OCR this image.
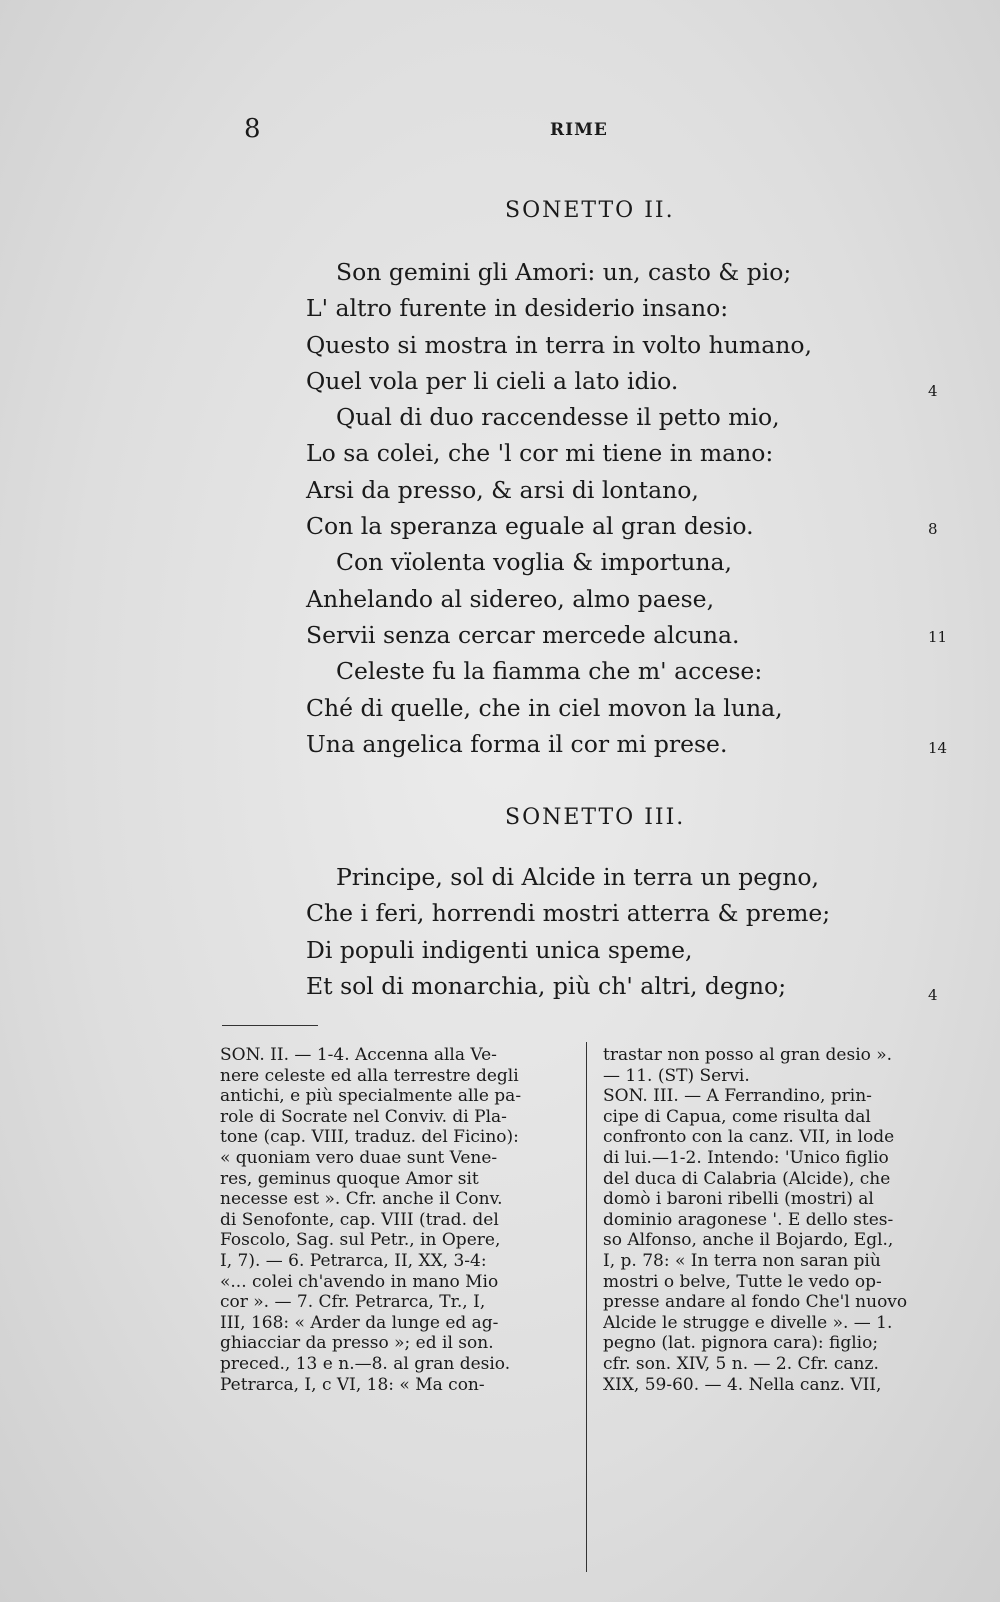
8	RIME
SONETTO II.
Son gemini gli Amori: un, casto & pio;
L' altro furente in desiderio insano:
Questo si mostra in terra in volto humano,
Quel vola per li cieli a lato idio.
Qual di duo raccendesse il petto mio,
Lo sa colei, che 'l cor mi tiene in mano:
Arsi da presso, & arsi di lontano,
Con la speranza eguale al gran desio.
Con vïolenta voglia & importuna,
Anhelando al sidereo, almo paese,
Servii senza cercar mercede alcuna.
Celeste fu la fiamma che m' accese:
Ché di quelle, che in ciel movon la luna,
Una angelica forma il cor mi prese.
4
8
11
14
SONETTO III.
Principe, sol di Alcide in terra un pegno,
Che i feri, horrendi mostri atterra & preme;
Di populi indigenti unica speme,
Et sol di monarchia, più ch' altri, degno;	4
SON. II. — 1-4. Accenna alla Ve-
nere celeste ed alla terrestre degli
antichi, e più specialmente alle pa-
role di Socrate nel Conviv. di Pla-
tone (cap. VIII, traduz. del Ficino):
« quoniam vero duae sunt Vene-
res, geminus quoque Amor sit
necesse est ». Cfr. anche il Conv.
di Senofonte, cap. VIII (trad. del
Foscolo, Sag. sul Petr., in Opere,
I, 7). — 6. Petrarca, II, XX, 3-4:
«... colei ch'avendo in mano Mio
cor ». — 7. Cfr. Petrarca, Tr., I,
III, 168: « Arder da lunge ed ag-
ghiacciar da presso »; ed il son.
preced., 13 e n.—8. al gran desio.
Petrarca, I, c VI, 18: « Ma con-
trastar non posso al gran desio ».
— 11. (ST) Servi.
SON. III. — A Ferrandino, prin-
cipe di Capua, come risulta dal
confronto con la canz. VII, in lode
di lui.—1-2. Intendo: 'Unico figlio
del duca di Calabria (Alcide), che
domò i baroni ribelli (mostri) al
dominio aragonese '. E dello stes-
so Alfonso, anche il Bojardo, Egl.,
I, p. 78: « In terra non saran più
mostri o belve, Tutte le vedo op-
presse andare al fondo Che'l nuovo
Alcide le strugge e divelle ». — 1.
pegno (lat. pignora cara): figlio;
cfr. son. XIV, 5 n. — 2. Cfr. canz.
XIX, 59-60. — 4. Nella canz. VII,
